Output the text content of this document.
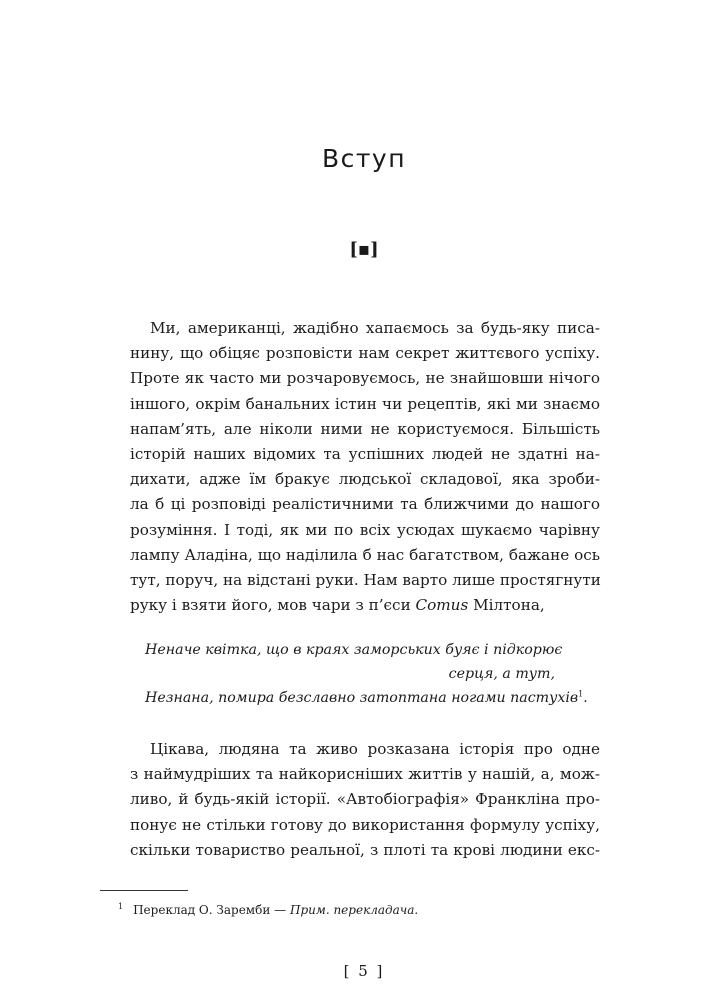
Вступ
[▪]
Ми, американці, жадібно хапаємось за будь-яку писа-
нину, що обіцяє розповісти нам секрет життєвого успіху.
Проте як часто ми розчаровуємось, не знайшовши нічого
іншого, окрім банальних істин чи рецептів, які ми знаємо
напам’ять, але ніколи ними не користуємося. Більшість
історій наших відомих та успішних людей не здатні на-
дихати, адже їм бракує людської складової, яка зроби-
ла б ці розповіді реалістичними та ближчими до нашого
розуміння. І тоді, як ми по всіх усюдах шукаємо чарівну
лампу Аладіна, що наділила б нас багатством, бажане ось
тут, поруч, на відстані руки. Нам варто лише простягнути
руку і взяти його, мов чари з п’єси Comus Мілтона,
Неначе квітка, що в краях заморських буяє і підкорює
серця, а тут,
Незнана, помира безславно затоптана ногами пастухів$^1$.
Цікава, людяна та живо розказана історія про одне
з наймудріших та найкорисніших життів у нашій, а, мож-
ливо, й будь-якій історії. «Автобіографія» Франкліна про-
понує не стільки готову до використання формулу успіху,
скільки товариство реальної, з плоті та крові людини екс-
$^1$ Переклад О. Заремби — Прим. перекладача.
[ 5 ]
